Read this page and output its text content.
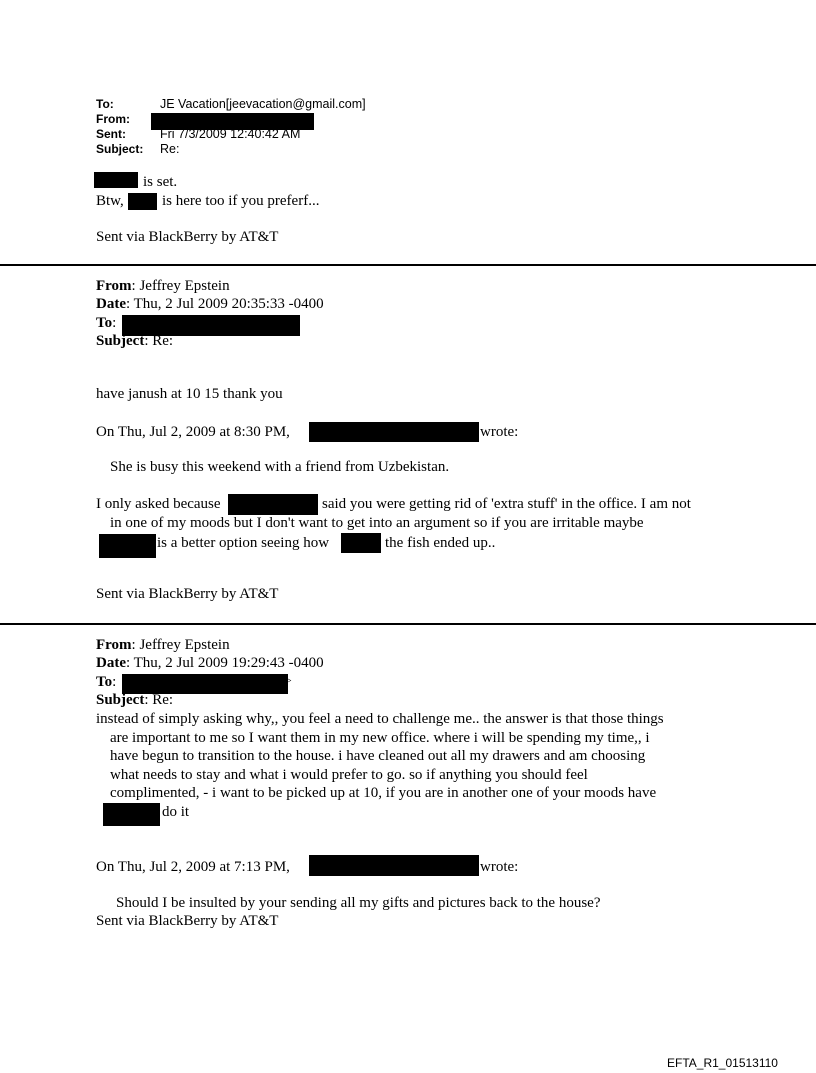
To:	JE Vacation[jeevacation@gmail.com]
From:
Sent:	Fri 7/3/2009 12:40:42 AM
Subject: Re:
is set.
Btw,	is here too if you preferf...
Sent via BlackBerry by AT&T
From: Jeffrey Epstein
Date: Thu, 2 Jul 2009 20:35:33 -0400
To:
Subject: Re:
have janush at 10 15 thank you
On Thu, Jul 2, 2009 at 8:30 PM,	wrote:
She is busy this weekend with a friend from Uzbekistan.
I only asked because	said you were getting rid of 'extra stuff' in the office. I am not
in one of my moods but I don't want to get into an argument so if you are irritable maybe
is a better option seeing how	the fish ended up..
Sent via BlackBerry by AT&T
From: Jeffrey Epstein
Date: Thu, 2 Jul 2009 19:29:43 -0400
To:	>
Subject: Re:
instead of simply asking why,, you feel a need to challenge me.. the answer is that those things
are important to me so I want them in my new office. where i will be spending my time,, i
have begun to transition to the house. i have cleaned out all my drawers and am choosing
what needs to stay and what i would prefer to go. so if anything you should feel
complimented, - i want to be picked up at 10, if you are in another one of your moods have
do it
On Thu, Jul 2, 2009 at 7:13 PM,	wrote:
Should I be insulted by your sending all my gifts and pictures back to the house?
Sent via BlackBerry by AT&T
EFTA_R1_01513110
